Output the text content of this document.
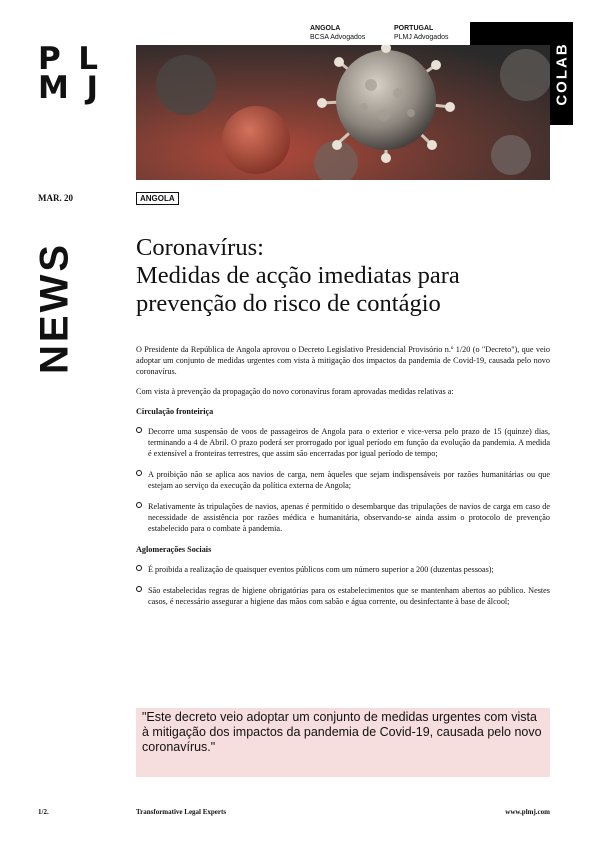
P L
M J
ANGOLA
BCSA Advogados
PORTUGAL
PLMJ Advogados
COLAB
MAR. 20	ANGOLA
NEWS Coronavírus:
Medidas de acção imediatas para
prevenção do risco de contágio

O Presidente da República de Angola aprovou o Decreto Legislativo Presidencial Provisório n.º 1/20 (o "Decreto"), que veio adoptar um conjunto de medidas urgentes com vista à mitigação dos impactos da pandemia de Covid-19, causada pelo novo coronavírus.

Com vista à prevenção da propagação do novo coronavírus foram aprovadas medidas relativas a:

Circulação fronteiriça
Decorre uma suspensão de voos de passageiros de Angola para o exterior e vice-versa pelo prazo de 15 (quinze) dias, terminando a 4 de Abril. O prazo poderá ser prorrogado por igual período em função da evolução da pandemia. A medida é extensível a fronteiras terrestres, que assim são encerradas por igual período de tempo;
A proibição não se aplica aos navios de carga, nem àqueles que sejam indispensáveis por razões humanitárias ou que estejam ao serviço da execução da política externa de Angola;
Relativamente às tripulações de navios, apenas é permitido o desembarque das tripulações de navios de carga em caso de necessidade de assistência por razões médica e humanitária, observando-se ainda assim o protocolo de prevenção estabelecido para o combate à pandemia.
Aglomerações Sociais
É proibida a realização de quaisquer eventos públicos com um número superior a 200 (duzentas pessoas);
São estabelecidas regras de higiene obrigatórias para os estabelecimentos que se mantenham abertos ao público. Nestes casos, é necessário assegurar a higiene das mãos com sabão e água corrente, ou desinfectante à base de álcool;
"Este decreto veio adoptar um conjunto de medidas urgentes com vista à mitigação dos impactos da pandemia de Covid-19, causada pelo novo coronavírus."
1/2.	Transformative Legal Experts	www.plmj.com
